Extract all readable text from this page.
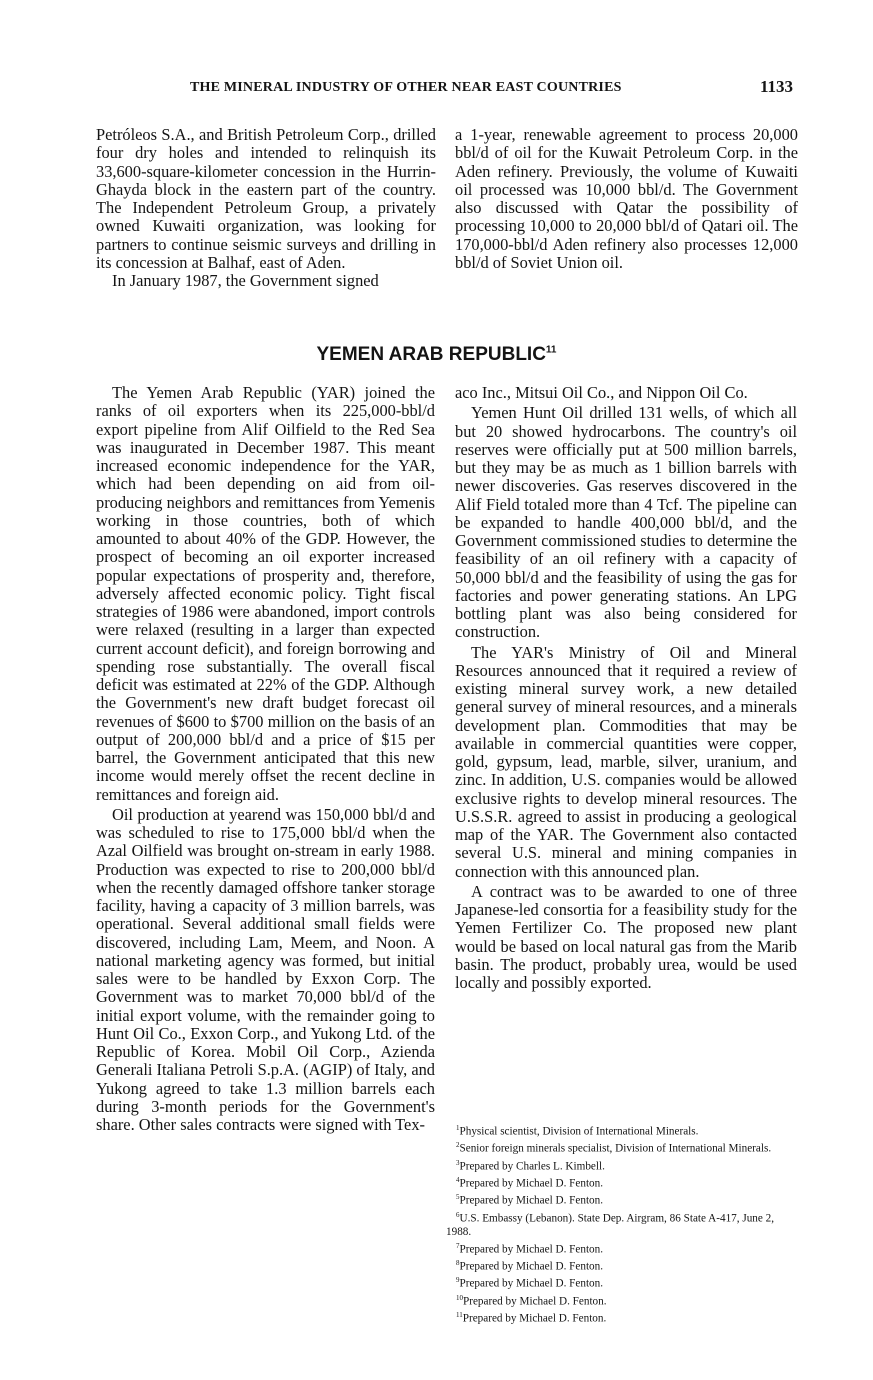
THE MINERAL INDUSTRY OF OTHER NEAR EAST COUNTRIES	1133

Petróleos S.A., and British Petroleum Corp., drilled four dry holes and intended to relinquish its 33,600-square-kilometer concession in the Hurrin-Ghayda block in the eastern part of the country. The Independent Petroleum Group, a privately owned Kuwaiti organization, was looking for partners to continue seismic surveys and drilling in its concession at Balhaf, east of Aden.

In January 1987, the Government signed

a 1-year, renewable agreement to process 20,000 bbl/d of oil for the Kuwait Petroleum Corp. in the Aden refinery. Previously, the volume of Kuwaiti oil processed was 10,000 bbl/d. The Government also discussed with Qatar the possibility of processing 10,000 to 20,000 bbl/d of Qatari oil. The 170,000-bbl/d Aden refinery also processes 12,000 bbl/d of Soviet Union oil.

YEMEN ARAB REPUBLIC$^{11}$

The Yemen Arab Republic (YAR) joined the ranks of oil exporters when its 225,000-bbl/d export pipeline from Alif Oilfield to the Red Sea was inaugurated in December 1987. This meant increased economic independence for the YAR, which had been depending on aid from oil-producing neighbors and remittances from Yemenis working in those countries, both of which amounted to about 40% of the GDP. However, the prospect of becoming an oil exporter increased popular expectations of prosperity and, therefore, adversely affected economic policy. Tight fiscal strategies of 1986 were abandoned, import controls were relaxed (resulting in a larger than expected current account deficit), and foreign borrowing and spending rose substantially. The overall fiscal deficit was estimated at 22% of the GDP. Although the Government's new draft budget forecast oil revenues of $600 to $700 million on the basis of an output of 200,000 bbl/d and a price of $15 per barrel, the Government anticipated that this new income would merely offset the recent decline in remittances and foreign aid.

Oil production at yearend was 150,000 bbl/d and was scheduled to rise to 175,000 bbl/d when the Azal Oilfield was brought on-stream in early 1988. Production was expected to rise to 200,000 bbl/d when the recently damaged offshore tanker storage facility, having a capacity of 3 million barrels, was operational. Several additional small fields were discovered, including Lam, Meem, and Noon. A national marketing agency was formed, but initial sales were to be handled by Exxon Corp. The Government was to market 70,000 bbl/d of the initial export volume, with the remainder going to Hunt Oil Co., Exxon Corp., and Yukong Ltd. of the Republic of Korea. Mobil Oil Corp., Azienda Generali Italiana Petroli S.p.A. (AGIP) of Italy, and Yukong agreed to take 1.3 million barrels each during 3-month periods for the Government's share. Other sales contracts were signed with Tex-

aco Inc., Mitsui Oil Co., and Nippon Oil Co.

Yemen Hunt Oil drilled 131 wells, of which all but 20 showed hydrocarbons. The country's oil reserves were officially put at 500 million barrels, but they may be as much as 1 billion barrels with newer discoveries. Gas reserves discovered in the Alif Field totaled more than 4 Tcf. The pipeline can be expanded to handle 400,000 bbl/d, and the Government commissioned studies to determine the feasibility of an oil refinery with a capacity of 50,000 bbl/d and the feasibility of using the gas for factories and power generating stations. An LPG bottling plant was also being considered for construction.

The YAR's Ministry of Oil and Mineral Resources announced that it required a review of existing mineral survey work, a new detailed general survey of mineral resources, and a minerals development plan. Commodities that may be available in commercial quantities were copper, gold, gypsum, lead, marble, silver, uranium, and zinc. In addition, U.S. companies would be allowed exclusive rights to develop mineral resources. The U.S.S.R. agreed to assist in producing a geological map of the YAR. The Government also contacted several U.S. mineral and mining companies in connection with this announced plan.

A contract was to be awarded to one of three Japanese-led consortia for a feasibility study for the Yemen Fertilizer Co. The proposed new plant would be based on local natural gas from the Marib basin. The product, probably urea, would be used locally and possibly exported.

$^1$Physical scientist, Division of International Minerals.

$^2$Senior foreign minerals specialist, Division of International Minerals.

$^3$Prepared by Charles L. Kimbell.

$^4$Prepared by Michael D. Fenton.

$^5$Prepared by Michael D. Fenton.

$^6$U.S. Embassy (Lebanon). State Dep. Airgram, 86 State A-417, June 2, 1988.

$^7$Prepared by Michael D. Fenton.

$^8$Prepared by Michael D. Fenton.

$^9$Prepared by Michael D. Fenton.

$^{10}$Prepared by Michael D. Fenton.

$^{11}$Prepared by Michael D. Fenton.
